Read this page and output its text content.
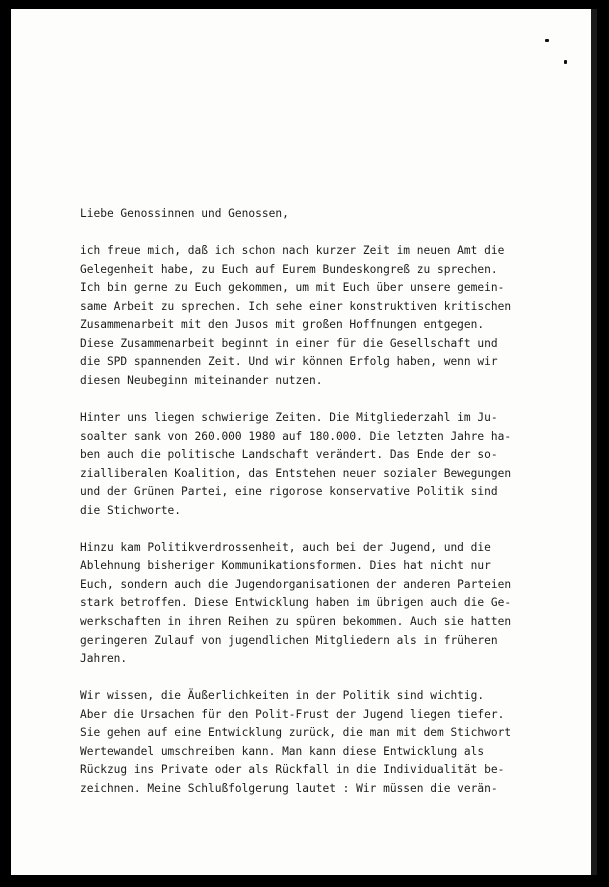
Liebe Genossinnen und Genossen,
ich freue mich, daß ich schon nach kurzer Zeit im neuen Amt die
Gelegenheit habe, zu Euch auf Eurem Bundeskongreß zu sprechen.
Ich bin gerne zu Euch gekommen, um mit Euch über unsere gemein-
same Arbeit zu sprechen. Ich sehe einer konstruktiven kritischen
Zusammenarbeit mit den Jusos mit großen Hoffnungen entgegen.
Diese Zusammenarbeit beginnt in einer für die Gesellschaft und
die SPD spannenden Zeit. Und wir können Erfolg haben, wenn wir
diesen Neubeginn miteinander nutzen.
Hinter uns liegen schwierige Zeiten. Die Mitgliederzahl im Ju-
soalter sank von 260.000 1980 auf 180.000. Die letzten Jahre ha-
ben auch die politische Landschaft verändert. Das Ende der so-
zialliberalen Koalition, das Entstehen neuer sozialer Bewegungen
und der Grünen Partei, eine rigorose konservative Politik sind
die Stichworte.
Hinzu kam Politikverdrossenheit, auch bei der Jugend, und die
Ablehnung bisheriger Kommunikationsformen. Dies hat nicht nur
Euch, sondern auch die Jugendorganisationen der anderen Parteien
stark betroffen. Diese Entwicklung haben im übrigen auch die Ge-
werkschaften in ihren Reihen zu spüren bekommen. Auch sie hatten
geringeren Zulauf von jugendlichen Mitgliedern als in früheren
Jahren.
Wir wissen, die Äußerlichkeiten in der Politik sind wichtig.
Aber die Ursachen für den Polit-Frust der Jugend liegen tiefer.
Sie gehen auf eine Entwicklung zurück, die man mit dem Stichwort
Wertewandel umschreiben kann. Man kann diese Entwicklung als
Rückzug ins Private oder als Rückfall in die Individualität be-
zeichnen. Meine Schlußfolgerung lautet : Wir müssen die verän-
